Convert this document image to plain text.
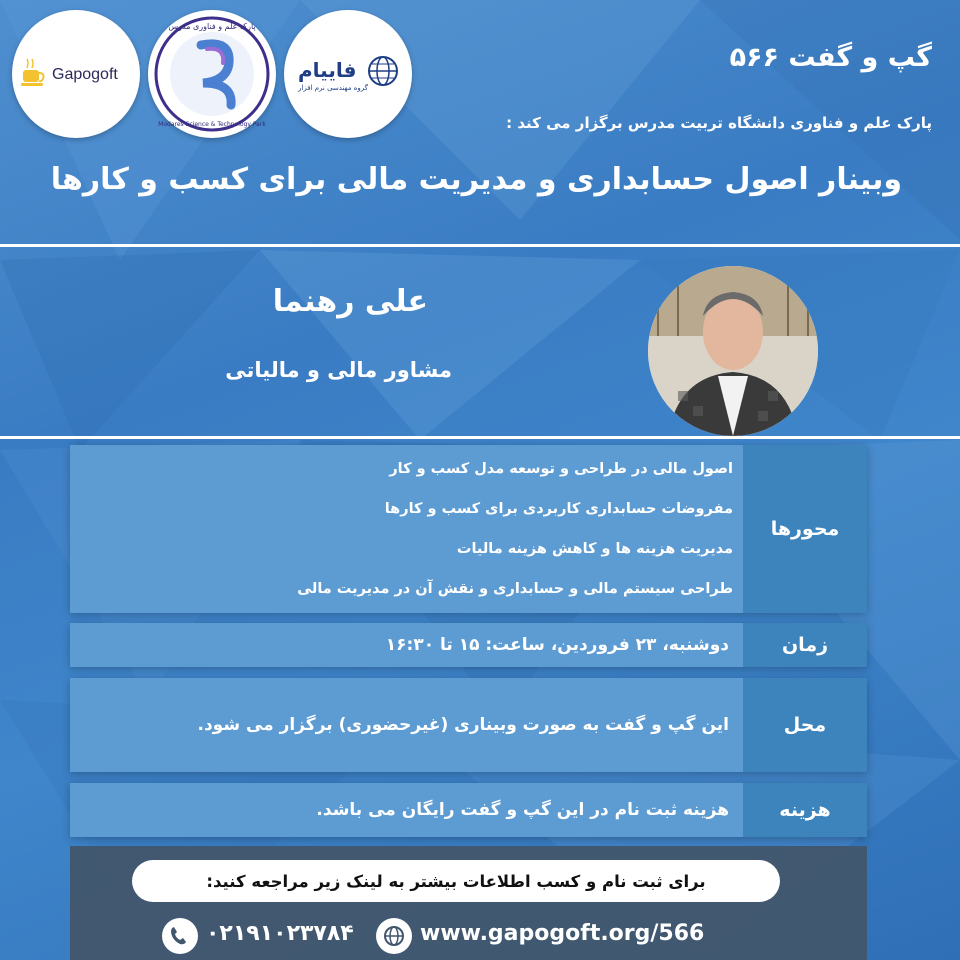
Gapogoft
پارک علم و فناوری مدرس
Modares Science & Technology Park
فاییام
گروه مهندسی نرم افزار
گپ و گفت ۵۶۶
پارک علم و فناوری دانشگاه تربیت مدرس برگزار می کند :
وبینار اصول حسابداری و مدیریت مالی برای کسب و کارها
علی رهنما
مشاور مالی و مالیاتی
محورها
اصول مالی در طراحی و توسعه مدل کسب و کار
مفروضات حسابداری کاربردی برای کسب و کارها
مدیریت هزینه ها و کاهش هزینه مالیات
طراحی سیستم مالی و حسابداری و نقش آن در مدیریت مالی
زمان
دوشنبه، ۲۳ فروردین، ساعت: ۱۵ تا ۱۶:۳۰
محل
این گپ و گفت به صورت وبیناری (غیرحضوری) برگزار می شود.
هزینه
هزینه ثبت نام در این گپ و گفت رایگان می باشد.
برای ثبت نام و کسب اطلاعات بیشتر به لینک زیر مراجعه کنید:
۰۲۱۹۱۰۲۳۷۸۴	www.gapogoft.org/566
